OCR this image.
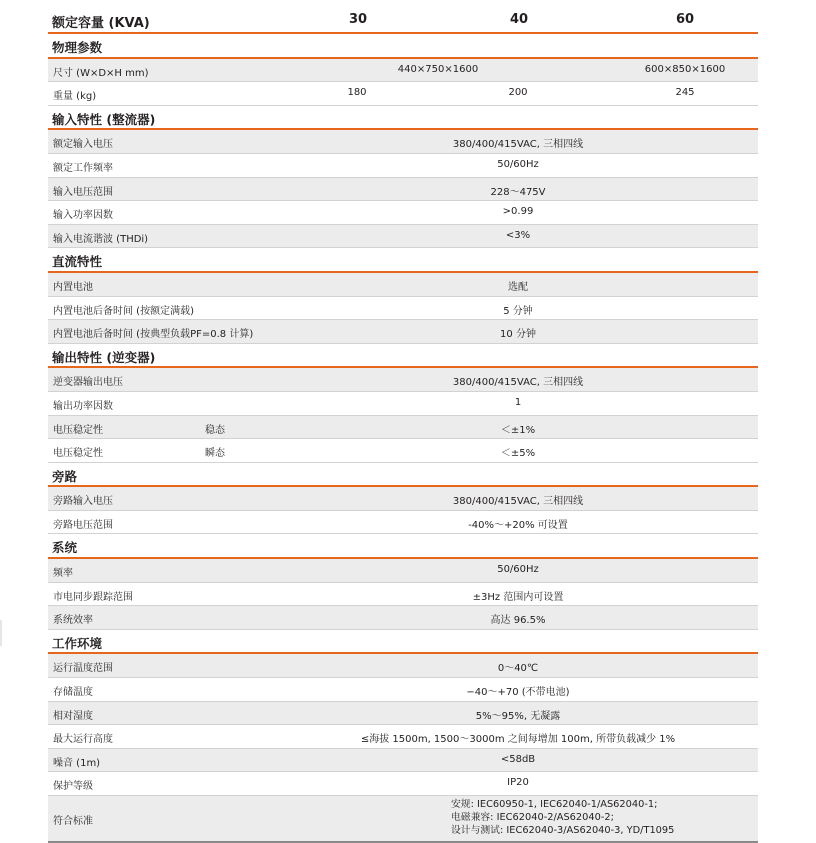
额定容量 (KVA)	30	40	60
物理参数
尺寸 (W×D×H mm)	440×750×1600	600×850×1600
重量 (kg)	180	200	245
输入特性 (整流器)
额定输入电压	380/400/415VAC, 三相四线
额定工作频率	50/60Hz
输入电压范围	228～475V
输入功率因数	>0.99
输入电流谐波 (THDi)	<3%
直流特性
内置电池	选配
内置电池后备时间 (按额定满载)	5 分钟
内置电池后备时间 (按典型负载PF=0.8 计算)	10 分钟
输出特性 (逆变器)
逆变器输出电压	380/400/415VAC, 三相四线
输出功率因数	1
电压稳定性	稳态	＜±1%
电压稳定性	瞬态	＜±5%
旁路
旁路输入电压	380/400/415VAC, 三相四线
旁路电压范围	-40%～+20% 可设置
系统
频率	50/60Hz
市电同步跟踪范围	±3Hz 范围内可设置
系统效率	高达 96.5%
工作环境
运行温度范围	0～40℃
存储温度	−40～+70 (不带电池)
相对湿度	5%～95%, 无凝露
最大运行高度	≤海拔 1500m, 1500～3000m 之间每增加 100m, 所带负载减少 1%
噪音 (1m)	<58dB
保护等级	IP20
符合标准
安规: IEC60950-1, IEC62040-1/AS62040-1;
电磁兼容: IEC62040-2/AS62040-2;
设计与测试: IEC62040-3/AS62040-3, YD/T1095
